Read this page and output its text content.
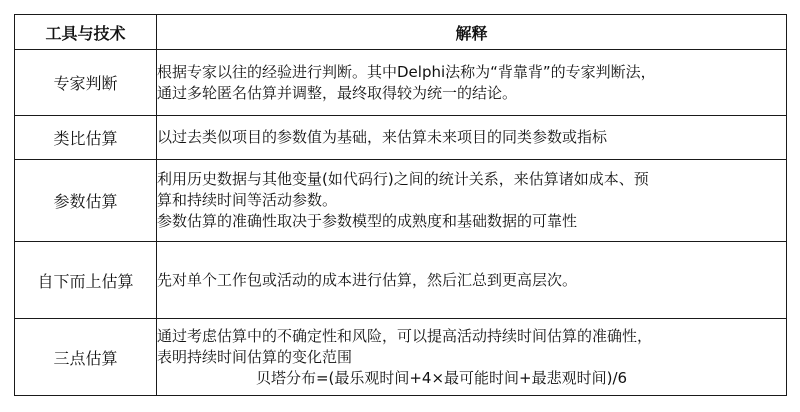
工具与技术	解释
专家判断	根据专家以往的经验进行判断。其中Delphi法称为“背靠背”的专家判断法，
通过多轮匿名估算并调整，最终取得较为统一的结论。

类比估算	以过去类似项目的参数值为基础，来估算未来项目的同类参数或指标

参数估算	利用历史数据与其他变量(如代码行)之间的统计关系，来估算诸如成本、预
算和持续时间等活动参数。
参数估算的准确性取决于参数模型的成熟度和基础数据的可靠性

自下而上估算	先对单个工作包或活动的成本进行估算，然后汇总到更高层次。

三点估算	通过考虑估算中的不确定性和风险，可以提高活动持续时间估算的准确性，
表明持续时间估算的变化范围
贝塔分布=(最乐观时间+4×最可能时间+最悲观时间)/6
